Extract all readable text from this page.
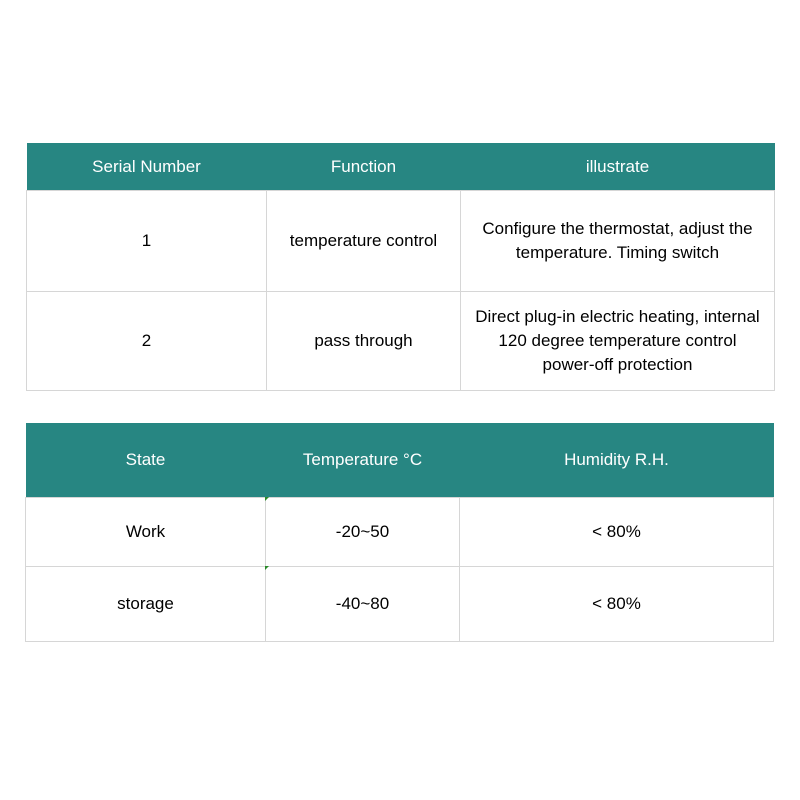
Serial Number	Function	illustrate
1	temperature control	Configure the thermostat, adjust the
temperature. Timing switch

2	pass through	Direct plug-in electric heating, internal
120 degree temperature control
power-off protection
State	Temperature °C	Humidity R.H.
Work	-20~50	< 80%
storage	-40~80	< 80%
